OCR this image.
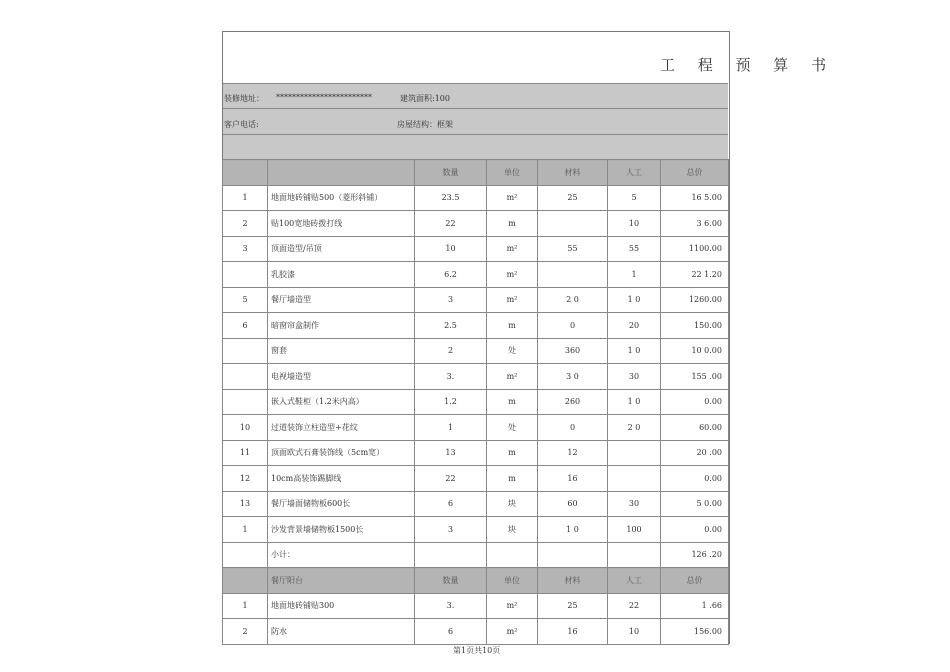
工 程 预 算 书
装修地址： ************************	建筑面积:100
客户电话:	房屋结构：框架
		数量	单位	材料	人工	总价
1	地面地砖铺贴500（菱形斜铺）	23.5	m²	25	5	16 5.00
2	贴100宽地砖拨打线	22	m		10	3 6.00
3	顶面造型/吊顶	10	m²	55	55	1100.00
	乳胶漆	6.2	m²		1	22 1.20
5	餐厅墙造型	3	m²	2 0	1 0	1260.00
6	暗窗帘盒制作	2.5	m	0	20	150.00
	窗套	2	处	360	1 0	10 0.00
	电视墙造型	3.	m²	3 0	30	155 .00
	嵌入式鞋柜（1.2米内高）	1.2	m	260	1 0	0.00
10	过道装饰立柱造型+花纹	1	处	0	2 0	60.00
11	顶面欧式石膏装饰线（5cm宽）	13	m	12		20 .00
12	10cm高装饰踢脚线	22	m	16		0.00
13	餐厅墙面储物板600长	6	块	60	30	5 0.00
1	沙发背景墙储物板1500长	3	块	1 0	100	0.00
	小计：					126 .20
	餐厅阳台	数量	单位	材料	人工	总价
1	地面地砖铺贴300	3.	m²	25	22	1 .66
2	防水	6	m²	16	10	156.00
第1页共10页
